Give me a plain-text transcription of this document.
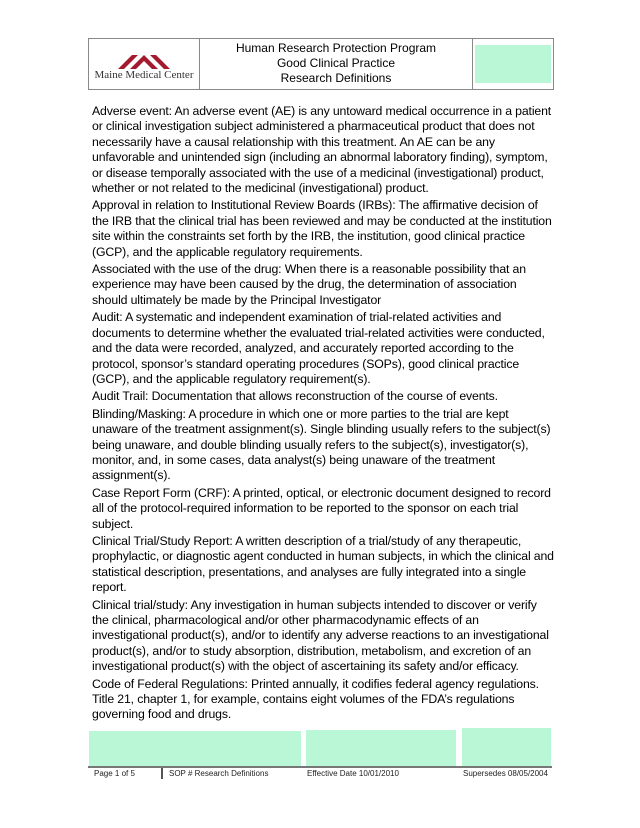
Maine Medical Center
Human Research Protection Program
Good Clinical Practice
Research Definitions

Adverse event: An adverse event (AE) is any untoward medical occurrence in a patient or clinical investigation subject administered a pharmaceutical product that does not necessarily have a causal relationship with this treatment. An AE can be any unfavorable and unintended sign (including an abnormal laboratory finding), symptom, or disease temporally associated with the use of a medicinal (investigational) product, whether or not related to the medicinal (investigational) product.

Approval in relation to Institutional Review Boards (IRBs): The affirmative decision of the IRB that the clinical trial has been reviewed and may be conducted at the institution site within the constraints set forth by the IRB, the institution, good clinical practice (GCP), and the applicable regulatory requirements.

Associated with the use of the drug: When there is a reasonable possibility that an experience may have been caused by the drug, the determination of association should ultimately be made by the Principal Investigator

Audit: A systematic and independent examination of trial-related activities and documents to determine whether the evaluated trial-related activities were conducted, and the data were recorded, analyzed, and accurately reported according to the protocol, sponsor’s standard operating procedures (SOPs), good clinical practice (GCP), and the applicable regulatory requirement(s).

Audit Trail: Documentation that allows reconstruction of the course of events.

Blinding/Masking: A procedure in which one or more parties to the trial are kept unaware of the treatment assignment(s). Single blinding usually refers to the subject(s) being unaware, and double blinding usually refers to the subject(s), investigator(s), monitor, and, in some cases, data analyst(s) being unaware of the treatment assignment(s).

Case Report Form (CRF): A printed, optical, or electronic document designed to record all of the protocol-required information to be reported to the sponsor on each trial subject.

Clinical Trial/Study Report: A written description of a trial/study of any therapeutic, prophylactic, or diagnostic agent conducted in human subjects, in which the clinical and statistical description, presentations, and analyses are fully integrated into a single report.

Clinical trial/study: Any investigation in human subjects intended to discover or verify the clinical, pharmacological and/or other pharmacodynamic effects of an investigational product(s), and/or to identify any adverse reactions to an investigational product(s), and/or to study absorption, distribution, metabolism, and excretion of an investigational product(s) with the object of ascertaining its safety and/or efficacy.

Code of Federal Regulations: Printed annually, it codifies federal agency regulations. Title 21, chapter 1, for example, contains eight volumes of the FDA’s regulations governing food and drugs.

Page 1 of 5	SOP # Research Definitions	Effective Date 10/01/2010	Supersedes 08/05/2004
